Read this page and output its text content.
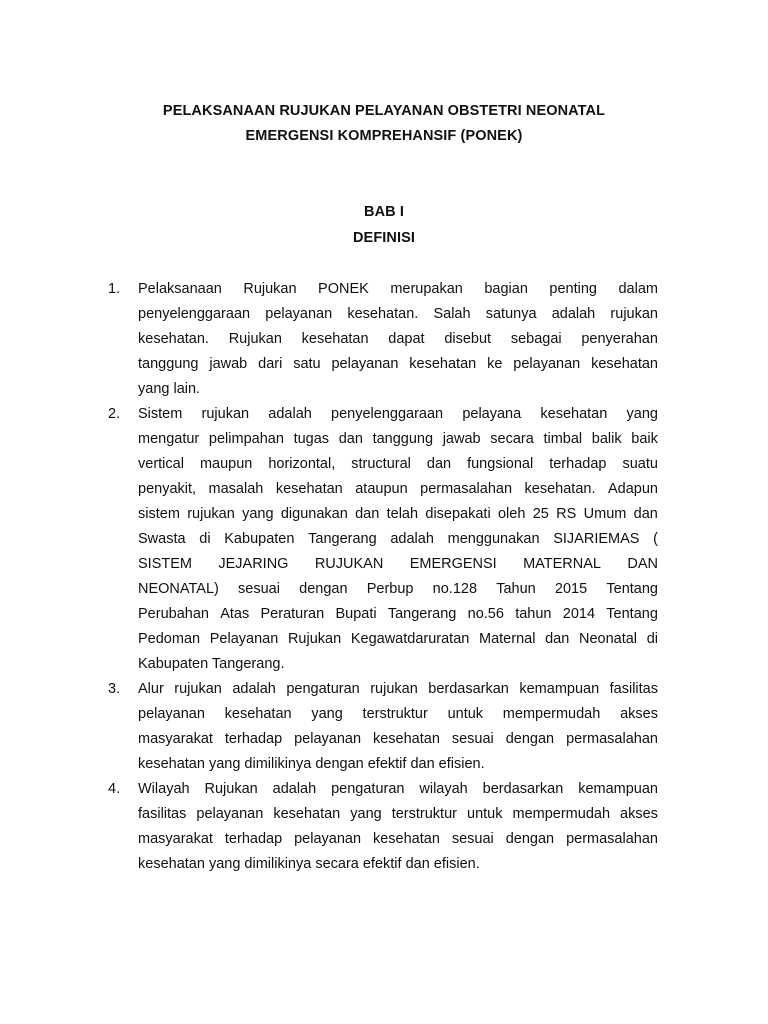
PELAKSANAAN RUJUKAN PELAYANAN OBSTETRI NEONATAL
EMERGENSI KOMPREHANSIF (PONEK)
BAB I
DEFINISI
1.	Pelaksanaan Rujukan PONEK merupakan bagian penting dalam
penyelenggaraan pelayanan kesehatan. Salah satunya adalah rujukan
kesehatan. Rujukan kesehatan dapat disebut sebagai penyerahan
tanggung jawab dari satu pelayanan kesehatan ke pelayanan kesehatan
yang lain.
2.	Sistem rujukan adalah penyelenggaraan pelayana kesehatan yang
mengatur pelimpahan tugas dan tanggung jawab secara timbal balik baik
vertical maupun horizontal, structural dan fungsional terhadap suatu
penyakit, masalah kesehatan ataupun permasalahan kesehatan. Adapun
sistem rujukan yang digunakan dan telah disepakati oleh 25 RS Umum dan
Swasta di Kabupaten Tangerang adalah menggunakan SIJARIEMAS (
SISTEM JEJARING RUJUKAN EMERGENSI MATERNAL DAN
NEONATAL) sesuai dengan Perbup no.128 Tahun 2015 Tentang
Perubahan Atas Peraturan Bupati Tangerang no.56 tahun 2014 Tentang
Pedoman Pelayanan Rujukan Kegawatdaruratan Maternal dan Neonatal di
Kabupaten Tangerang.
3.	Alur rujukan adalah pengaturan rujukan berdasarkan kemampuan fasilitas
pelayanan kesehatan yang terstruktur untuk mempermudah akses
masyarakat terhadap pelayanan kesehatan sesuai dengan permasalahan
kesehatan yang dimilikinya dengan efektif dan efisien.
4.	Wilayah Rujukan adalah pengaturan wilayah berdasarkan kemampuan
fasilitas pelayanan kesehatan yang terstruktur untuk mempermudah akses
masyarakat terhadap pelayanan kesehatan sesuai dengan permasalahan
kesehatan yang dimilikinya secara efektif dan efisien.
